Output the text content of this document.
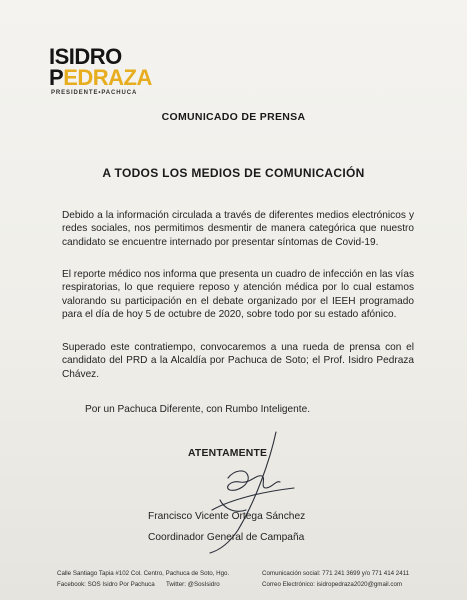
ISIDRO
PEDRAZA
PRESIDENTE•PACHUCA
COMUNICADO DE PRENSA
A TODOS LOS MEDIOS DE COMUNICACIÓN

Debido a la información circulada a través de diferentes medios electrónicos y redes sociales, nos permitimos desmentir de manera categórica que nuestro candidato se encuentre internado por presentar síntomas de Covid-19.

El reporte médico nos informa que presenta un cuadro de infección en las vías respiratorias, lo que requiere reposo y atención médica por lo cual estamos valorando su participación en el debate organizado por el IEEH programado para el día de hoy 5 de octubre de 2020, sobre todo por su estado afónico.

Superado este contratiempo, convocaremos a una rueda de prensa con el candidato del PRD a la Alcaldía por Pachuca de Soto; el Prof. Isidro Pedraza Chávez.

Por un Pachuca Diferente, con Rumbo Inteligente.
ATENTAMENTE
Francisco Vicente Ortega Sánchez
Coordinador General de Campaña
Calle Santiago Tapia #102 Col. Centro, Pachuca de Soto, Hgo.	Comunicación social: 771 241 3699 y/o 771 414 2411
Facebook: SOS Isidro Por Pachuca Twitter: @SosIsidro	Correo Electrónico: isidropedraza2020@gmail.com
